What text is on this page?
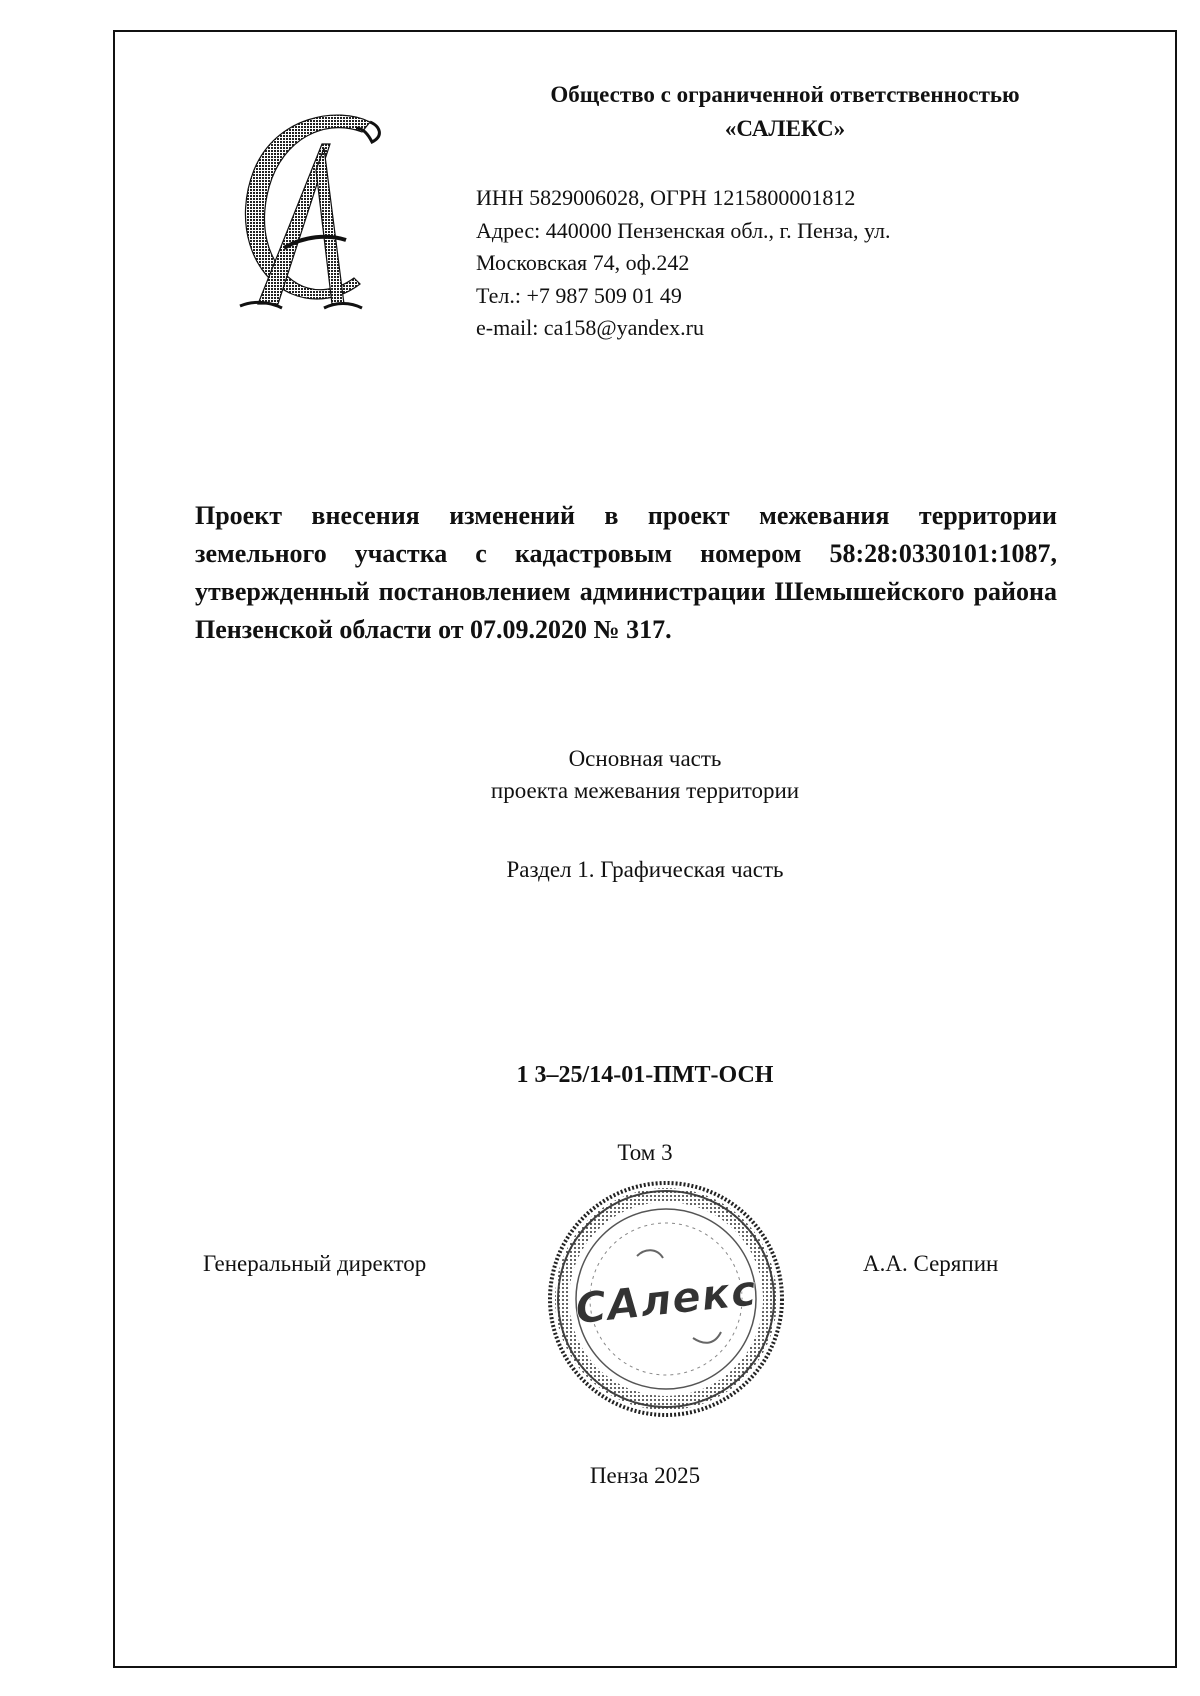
СА
Общество с ограниченной ответственностью
«САЛЕКС»
ИНН 5829006028, ОГРН 1215800001812
Адрес: 440000 Пензенская обл., г. Пенза, ул.
Московская 74, оф.242
Тел.: +7 987 509 01 49
e-mail: ca158@yandex.ru
Проект внесения изменений в проект межевания территории земельного участка с кадастровым номером 58:28:0330101:1087, утвержденный постановлением администрации Шемышейского района Пензенской области от 07.09.2020 № 317.
Основная часть
проекта межевания территории
Раздел 1. Графическая часть
1 3–25/14-01-ПМТ-ОСН
Том 3
Генеральный директор
САлекс
А.А. Серяпин
Пенза 2025
